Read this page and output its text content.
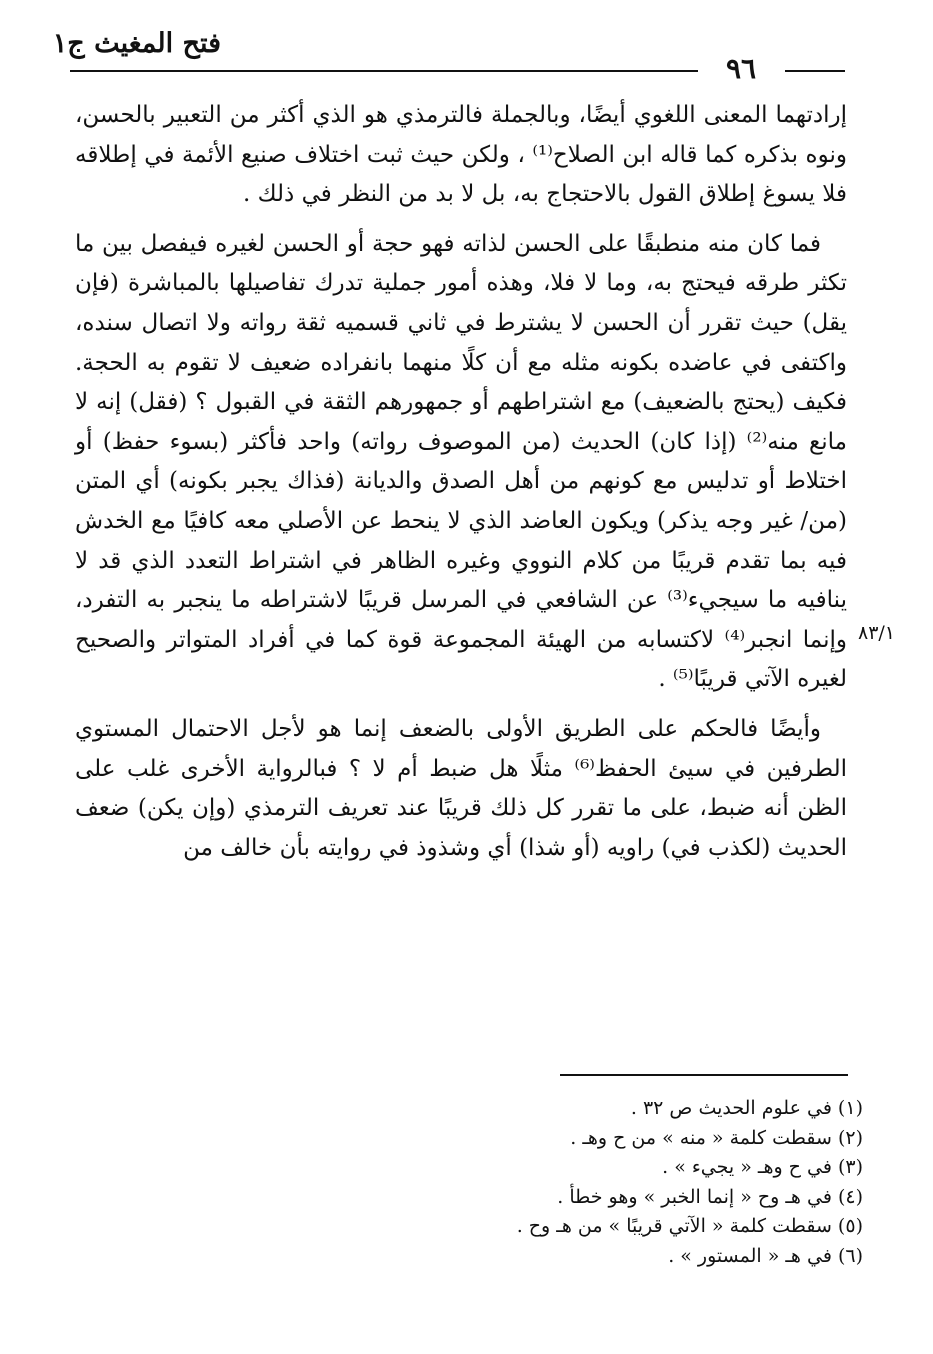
فتح المغيث ج١
٩٦

إرادتهما المعنى اللغوي أيضًا، وبالجملة فالترمذي هو الذي أكثر من التعبير بالحسن، ونوه بذكره كما قاله ابن الصلاح⁽¹⁾ ، ولكن حيث ثبت اختلاف صنيع الأئمة في إطلاقه فلا يسوغ إطلاق القول بالاحتجاج به، بل لا بد من النظر في ذلك .

فما كان منه منطبقًا على الحسن لذاته فهو حجة أو الحسن لغيره فيفصل بين ما تكثر طرقه فيحتج به، وما لا فلا، وهذه أمور جملية تدرك تفاصيلها بالمباشرة (فإن يقل) حيث تقرر أن الحسن لا يشترط في ثاني قسميه ثقة رواته ولا اتصال سنده، واكتفى في عاضده بكونه مثله مع أن كلًا منهما بانفراده ضعيف لا تقوم به الحجة. فكيف (يحتج بالضعيف) مع اشتراطهم أو جمهورهم الثقة في القبول ؟ (فقل) إنه لا مانع منه⁽²⁾ (إذا كان) الحديث (من الموصوف رواته) واحد فأكثر (بسوء حفظ) أو اختلاط أو تدليس مع كونهم من أهل الصدق والديانة (فذاك يجبر بكونه) أي المتن (من/ غير وجه يذكر) ويكون العاضد الذي لا ينحط عن الأصلي معه كافيًا مع الخدش فيه بما تقدم قريبًا من كلام النووي وغيره الظاهر في اشتراط التعدد الذي قد لا ينافيه ما سيجيء⁽³⁾ عن الشافعي في المرسل قريبًا لاشتراطه ما ينجبر به التفرد، وإنما انجبر⁽⁴⁾ لاكتسابه من الهيئة المجموعة قوة كما في أفراد المتواتر والصحيح لغيره الآتي قريبًا⁽⁵⁾ .

وأيضًا فالحكم على الطريق الأولى بالضعف إنما هو لأجل الاحتمال المستوي الطرفين في سيئ الحفظ⁽⁶⁾ مثلًا هل ضبط أم لا ؟ فبالرواية الأخرى غلب على الظن أنه ضبط، على ما تقرر كل ذلك قريبًا عند تعريف الترمذي (وإن يكن) ضعف الحديث (لكذب في) راويه (أو شذا) أي وشذوذ في روايته بأن خالف من

٨٣/١

(١) في علوم الحديث ص ٣٢ .

(٢) سقطت كلمة « منه » من ح وهـ .

(٣) في ح وهـ « يجيء » .

(٤) في هـ وح « إنما الخبر » وهو خطأ .

(٥) سقطت كلمة « الآتي قريبًا » من هـ وح .

(٦) في هـ « المستور » .
